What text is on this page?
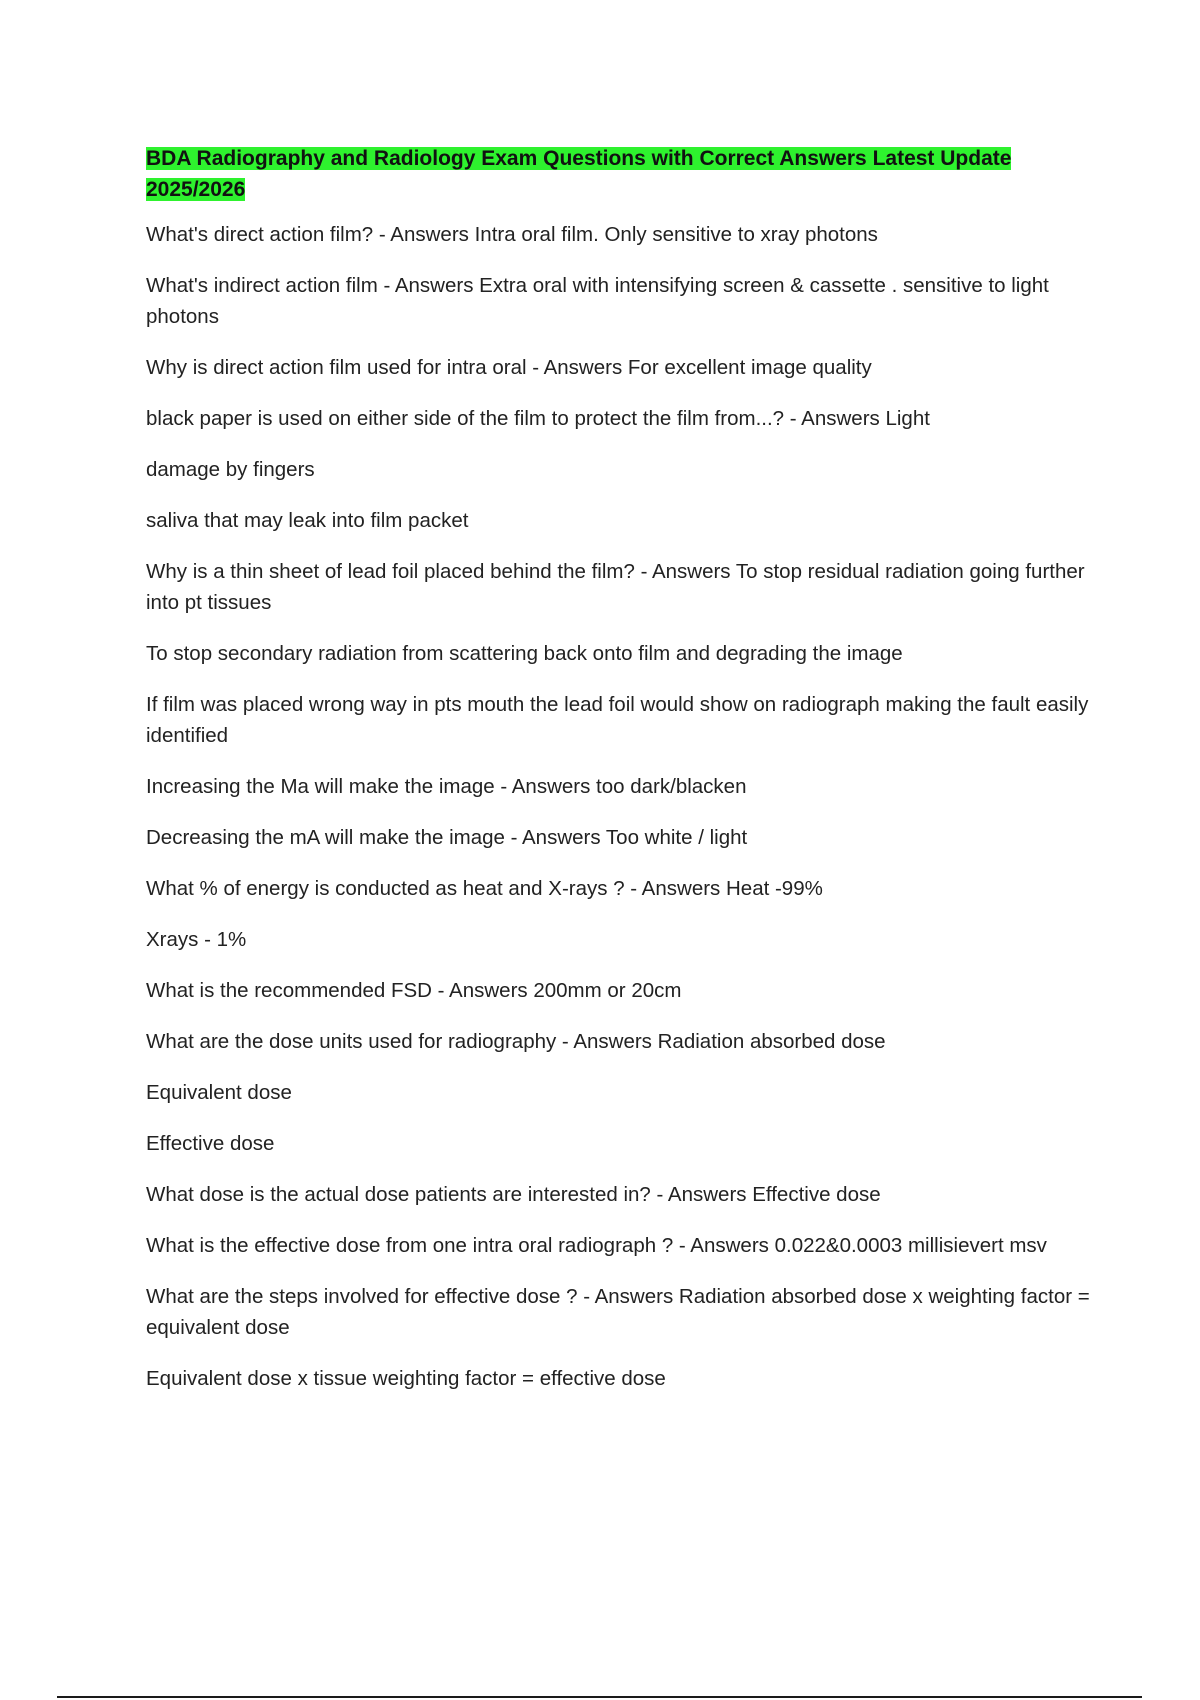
BDA Radiography and Radiology Exam Questions with Correct Answers Latest Update 2025/2026

What's direct action film? - Answers Intra oral film. Only sensitive to xray photons

What's indirect action film - Answers Extra oral with intensifying screen & cassette . sensitive to light photons

Why is direct action film used for intra oral - Answers For excellent image quality

black paper is used on either side of the film to protect the film from...? - Answers Light

damage by fingers

saliva that may leak into film packet

Why is a thin sheet of lead foil placed behind the film? - Answers To stop residual radiation going further into pt tissues

To stop secondary radiation from scattering back onto film and degrading the image

If film was placed wrong way in pts mouth the lead foil would show on radiograph making the fault easily identified

Increasing the Ma will make the image - Answers too dark/blacken

Decreasing the mA will make the image - Answers Too white / light

What % of energy is conducted as heat and X-rays ? - Answers Heat -99%

Xrays - 1%

What is the recommended FSD - Answers 200mm or 20cm

What are the dose units used for radiography - Answers Radiation absorbed dose

Equivalent dose

Effective dose

What dose is the actual dose patients are interested in? - Answers Effective dose

What is the effective dose from one intra oral radiograph ? - Answers 0.022&0.0003 millisievert msv

What are the steps involved for effective dose ? - Answers Radiation absorbed dose x weighting factor = equivalent dose

Equivalent dose x tissue weighting factor = effective dose
